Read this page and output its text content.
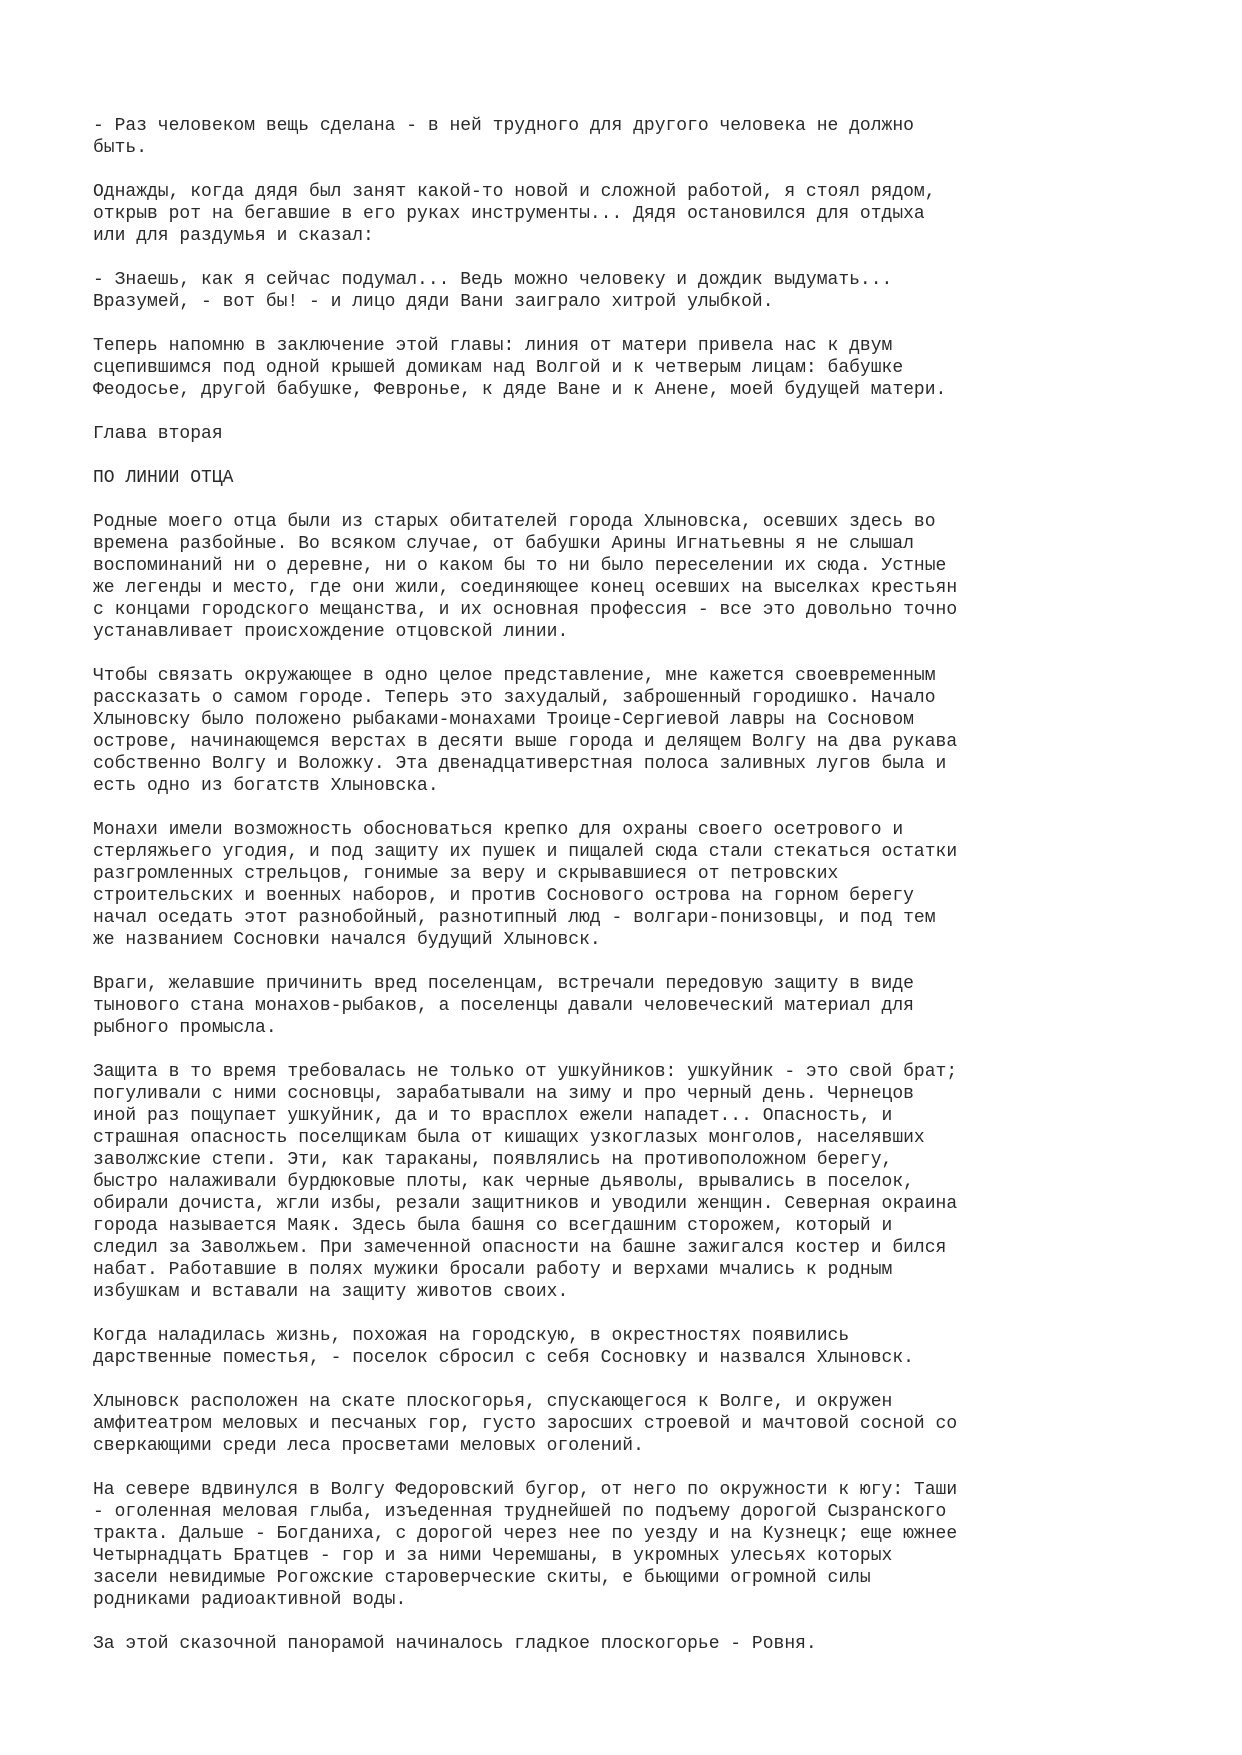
- Раз человеком вещь сделана - в ней трудного для другого человека не должно
быть.

Однажды, когда дядя был занят какой-то новой и сложной работой, я стоял рядом,
открыв рот на бегавшие в его руках инструменты... Дядя остановился для отдыха
или для раздумья и сказал:

- Знаешь, как я сейчас подумал... Ведь можно человеку и дождик выдумать...
Вразумей, - вот бы! - и лицо дяди Вани заиграло хитрой улыбкой.

Теперь напомню в заключение этой главы: линия от матери привела нас к двум
сцепившимся под одной крышей домикам над Волгой и к четверым лицам: бабушке
Феодосье, другой бабушке, Февронье, к дяде Ване и к Анене, моей будущей матери.

Глава вторая

ПО ЛИНИИ ОТЦА

Родные моего отца были из старых обитателей города Хлыновска, осевших здесь во
времена разбойные. Во всяком случае, от бабушки Арины Игнатьевны я не слышал
воспоминаний ни о деревне, ни о каком бы то ни было переселении их сюда. Устные
же легенды и место, где они жили, соединяющее конец осевших на выселках крестьян
с концами городского мещанства, и их основная профессия - все это довольно точно
устанавливает происхождение отцовской линии.

Чтобы связать окружающее в одно целое представление, мне кажется своевременным
рассказать о самом городе. Теперь это захудалый, заброшенный городишко. Начало
Хлыновску было положено рыбаками-монахами Троице-Сергиевой лавры на Сосновом
острове, начинающемся верстах в десяти выше города и делящем Волгу на два рукава
собственно Волгу и Воложку. Эта двенадцативерстная полоса заливных лугов была и
есть одно из богатств Хлыновска.

Монахи имели возможность обосноваться крепко для охраны своего осетрового и
стерляжьего угодия, и под защиту их пушек и пищалей сюда стали стекаться остатки
разгромленных стрельцов, гонимые за веру и скрывавшиеся от петровских
строительских и военных наборов, и против Соснового острова на горном берегу
начал оседать этот разнобойный, разнотипный люд - волгари-понизовцы, и под тем
же названием Сосновки начался будущий Хлыновск.

Враги, желавшие причинить вред поселенцам, встречали передовую защиту в виде
тынового стана монахов-рыбаков, а поселенцы давали человеческий материал для
рыбного промысла.

Защита в то время требовалась не только от ушкуйников: ушкуйник - это свой брат;
погуливали с ними сосновцы, зарабатывали на зиму и про черный день. Чернецов
иной раз пощупает ушкуйник, да и то врасплох ежели нападет... Опасность, и
страшная опасность поселщикам была от кишащих узкоглазых монголов, населявших
заволжские степи. Эти, как тараканы, появлялись на противоположном берегу,
быстро налаживали бурдюковые плоты, как черные дьяволы, врывались в поселок,
обирали дочиста, жгли избы, резали защитников и уводили женщин. Северная окраина
города называется Маяк. Здесь была башня со всегдашним сторожем, который и
следил за Заволжьем. При замеченной опасности на башне зажигался костер и бился
набат. Работавшие в полях мужики бросали работу и верхами мчались к родным
избушкам и вставали на защиту животов своих.

Когда наладилась жизнь, похожая на городскую, в окрестностях появились
дарственные поместья, - поселок сбросил с себя Сосновку и назвался Хлыновск.

Хлыновск расположен на скате плоскогорья, спускающегося к Волге, и окружен
амфитеатром меловых и песчаных гор, густо заросших строевой и мачтовой сосной со
сверкающими среди леса просветами меловых оголений.

На севере вдвинулся в Волгу Федоровский бугор, от него по окружности к югу: Таши
- оголенная меловая глыба, изъеденная труднейшей по подъему дорогой Сызранского
тракта. Дальше - Богданиха, с дорогой через нее по уезду и на Кузнецк; еще южнее
Четырнадцать Братцев - гор и за ними Черемшаны, в укромных улесьях которых
засели невидимые Рогожские староверческие скиты, е бьющими огромной силы
родниками радиоактивной воды.

За этой сказочной панорамой начиналось гладкое плоскогорье - Ровня.
